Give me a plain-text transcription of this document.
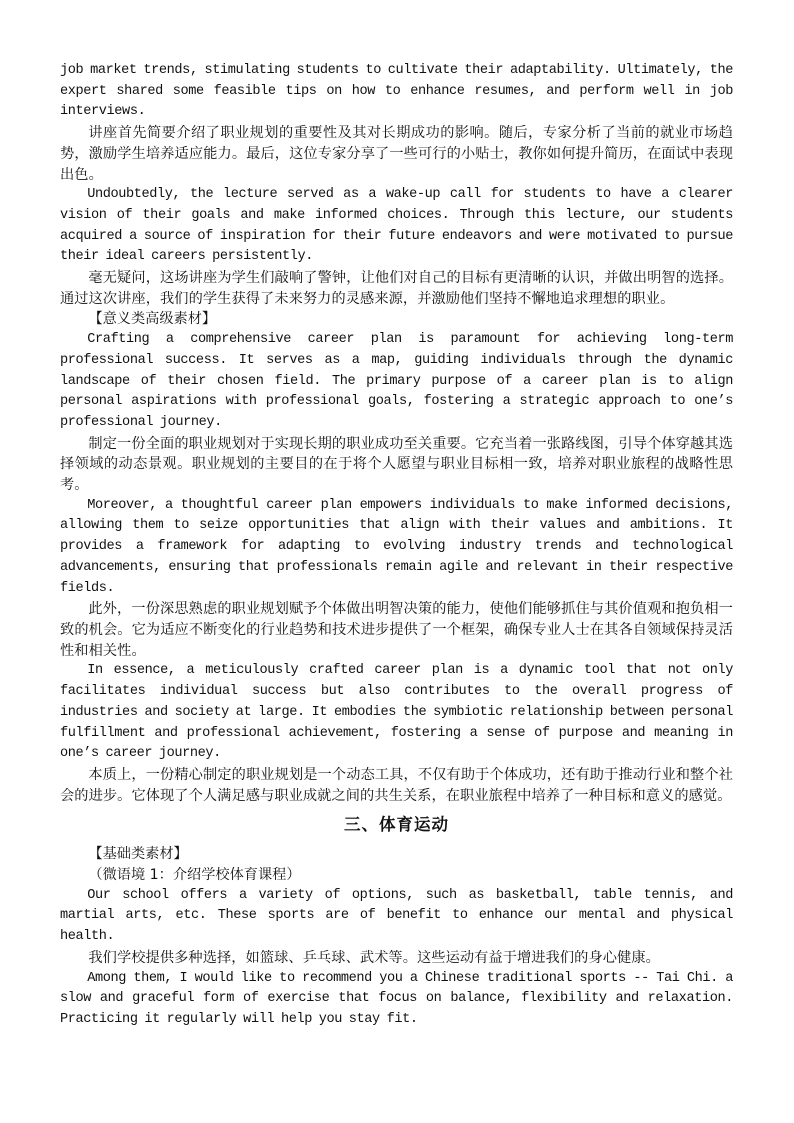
job market trends, stimulating students to cultivate their adaptability. Ultimately, the expert shared some feasible tips on how to enhance resumes, and perform well in job interviews.

讲座首先简要介绍了职业规划的重要性及其对长期成功的影响。随后，专家分析了当前的就业市场趋势，激励学生培养适应能力。最后，这位专家分享了一些可行的小贴士，教你如何提升简历，在面试中表现出色。

Undoubtedly, the lecture served as a wake-up call for students to have a clearer vision of their goals and make informed choices. Through this lecture, our students acquired a source of inspiration for their future endeavors and were motivated to pursue their ideal careers persistently.

毫无疑问，这场讲座为学生们敲响了警钟，让他们对自己的目标有更清晰的认识，并做出明智的选择。通过这次讲座，我们的学生获得了未来努力的灵感来源，并激励他们坚持不懈地追求理想的职业。

【意义类高级素材】

Crafting a comprehensive career plan is paramount for achieving long-term professional success. It serves as a map, guiding individuals through the dynamic landscape of their chosen field. The primary purpose of a career plan is to align personal aspirations with professional goals, fostering a strategic approach to one’s professional journey.

制定一份全面的职业规划对于实现长期的职业成功至关重要。它充当着一张路线图，引导个体穿越其选择领域的动态景观。职业规划的主要目的在于将个人愿望与职业目标相一致，培养对职业旅程的战略性思考。

Moreover, a thoughtful career plan empowers individuals to make informed decisions, allowing them to seize opportunities that align with their values and ambitions. It provides a framework for adapting to evolving industry trends and technological advancements, ensuring that professionals remain agile and relevant in their respective fields.

此外，一份深思熟虑的职业规划赋予个体做出明智决策的能力，使他们能够抓住与其价值观和抱负相一致的机会。它为适应不断变化的行业趋势和技术进步提供了一个框架，确保专业人士在其各自领域保持灵活性和相关性。

In essence, a meticulously crafted career plan is a dynamic tool that not only facilitates individual success but also contributes to the overall progress of industries and society at large. It embodies the symbiotic relationship between personal fulfillment and professional achievement, fostering a sense of purpose and meaning in one’s career journey.

本质上，一份精心制定的职业规划是一个动态工具，不仅有助于个体成功，还有助于推动行业和整个社会的进步。它体现了个人满足感与职业成就之间的共生关系，在职业旅程中培养了一种目标和意义的感觉。

三、体育运动

【基础类素材】

（微语境 1：介绍学校体育课程）

Our school offers a variety of options, such as basketball, table tennis, and martial arts, etc. These sports are of benefit to enhance our mental and physical health.

我们学校提供多种选择，如篮球、乒乓球、武术等。这些运动有益于增进我们的身心健康。

Among them, I would like to recommend you a Chinese traditional sports -- Tai Chi. a slow and graceful form of exercise that focus on balance, flexibility and relaxation. Practicing it regularly will help you stay fit.
